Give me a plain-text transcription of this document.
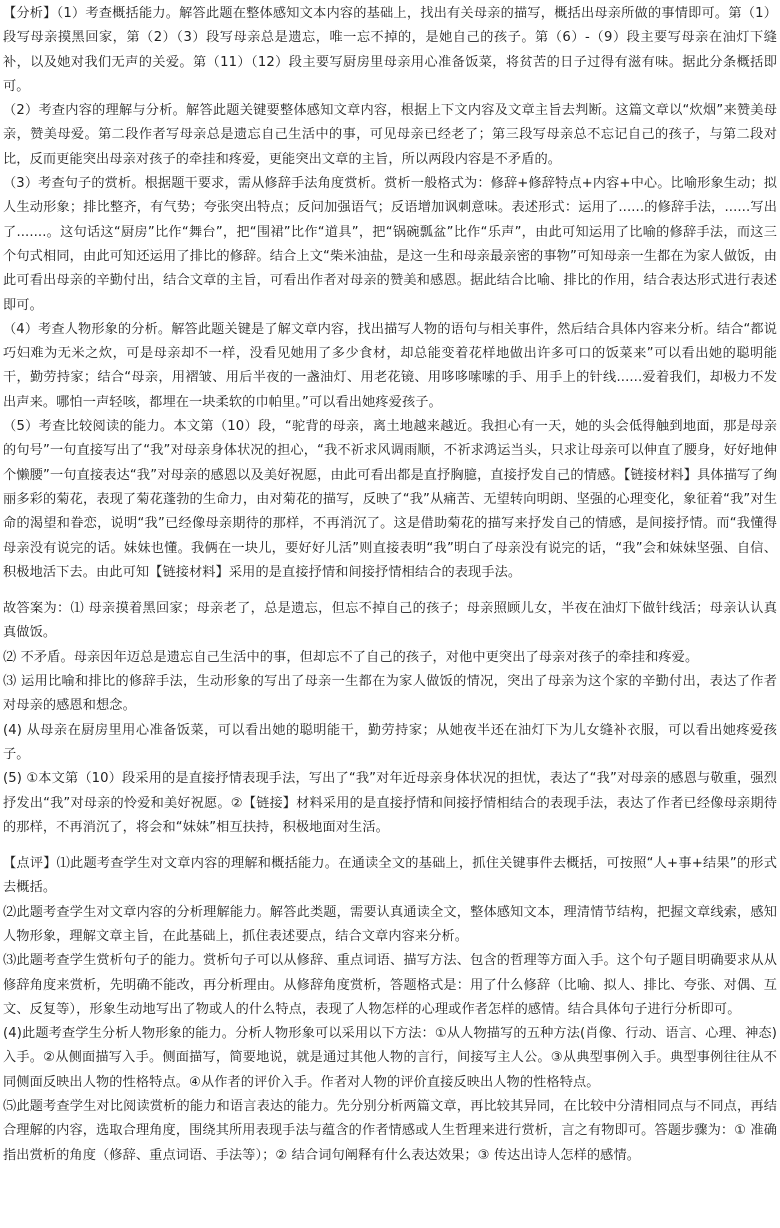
【分析】（1）考查概括能力。解答此题在整体感知文本内容的基础上，找出有关母亲的描写，概括出母亲所做的事情即可。第（1）段写母亲摸黑回家，第（2）（3）段写母亲总是遗忘，唯一忘不掉的，是她自己的孩子。第（6）-（9）段主要写母亲在油灯下缝补，以及她对我们无声的关爱。第（11）（12）段主要写厨房里母亲用心准备饭菜，将贫苦的日子过得有滋有味。据此分条概括即可。

（2）考查内容的理解与分析。解答此题关键要整体感知文章内容，根据上下文内容及文章主旨去判断。这篇文章以“炊烟”来赞美母亲，赞美母爱。第二段作者写母亲总是遗忘自己生活中的事，可见母亲已经老了；第三段写母亲总不忘记自己的孩子，与第二段对比，反而更能突出母亲对孩子的牵挂和疼爱，更能突出文章的主旨，所以两段内容是不矛盾的。

（3）考查句子的赏析。根据题干要求，需从修辞手法角度赏析。赏析一般格式为：修辞+修辞特点+内容+中心。比喻形象生动；拟人生动形象；排比整齐，有气势；夸张突出特点；反问加强语气；反语增加讽刺意味。表述形式：运用了......的修辞手法，......写出了.......。这句话这“厨房”比作“舞台”，把“围裙”比作“道具”，把“锅碗瓢盆”比作“乐声”，由此可知运用了比喻的修辞手法，而这三个句式相同，由此可知还运用了排比的修辞。结合上文“柴米油盐，是这一生和母亲最亲密的事物”可知母亲一生都在为家人做饭，由此可看出母亲的辛勤付出，结合文章的主旨，可看出作者对母亲的赞美和感恩。据此结合比喻、排比的作用，结合表达形式进行表述即可。

（4）考查人物形象的分析。解答此题关键是了解文章内容，找出描写人物的语句与相关事件，然后结合具体内容来分析。结合“都说巧妇难为无米之炊，可是母亲却不一样，没看见她用了多少食材，却总能变着花样地做出许多可口的饭菜来”可以看出她的聪明能干，勤劳持家；结合“母亲，用褶皱、用后半夜的一盏油灯、用老花镜、用哆哆嗦嗦的手、用手上的针线......爱着我们，却极力不发出声来。哪怕一声轻咳，都埋在一块柔软的巾帕里。”可以看出她疼爱孩子。

（5）考查比较阅读的能力。本文第（10）段，“驼背的母亲，离土地越来越近。我担心有一天，她的头会低得触到地面，那是母亲的句号”一句直接写出了“我”对母亲身体状况的担心，“我不祈求风调雨顺，不祈求鸿运当头，只求让母亲可以伸直了腰身，好好地伸个懒腰”一句直接表达“我”对母亲的感恩以及美好祝愿，由此可看出都是直抒胸臆，直接抒发自己的情感。【链接材料】具体描写了绚丽多彩的菊花，表现了菊花蓬勃的生命力，由对菊花的描写，反映了“我”从痛苦、无望转向明朗、坚强的心理变化，象征着“我”对生命的渴望和眷恋，说明“我”已经像母亲期待的那样，不再消沉了。这是借助菊花的描写来抒发自己的情感，是间接抒情。而“我懂得母亲没有说完的话。妹妹也懂。我俩在一块儿，要好好儿活”则直接表明“我”明白了母亲没有说完的话，“我”会和妹妹坚强、自信、积极地活下去。由此可知【链接材料】采用的是直接抒情和间接抒情相结合的表现手法。

故答案为：⑴ 母亲摸着黑回家；母亲老了，总是遗忘，但忘不掉自己的孩子；母亲照顾儿女，半夜在油灯下做针线活；母亲认认真真做饭。

⑵ 不矛盾。母亲因年迈总是遗忘自己生活中的事，但却忘不了自己的孩子，对他中更突出了母亲对孩子的牵挂和疼爱。

⑶ 运用比喻和排比的修辞手法，生动形象的写出了母亲一生都在为家人做饭的情况，突出了母亲为这个家的辛勤付出，表达了作者对母亲的感恩和想念。

(4) 从母亲在厨房里用心准备饭菜，可以看出她的聪明能干，勤劳持家；从她夜半还在油灯下为儿女缝补衣服，可以看出她疼爱孩子。

(5) ①本文第（10）段采用的是直接抒情表现手法，写出了“我”对年近母亲身体状况的担忧，表达了“我”对母亲的感恩与敬重，强烈抒发出“我”对母亲的怜爱和美好祝愿。②【链接】材料采用的是直接抒情和间接抒情相结合的表现手法，表达了作者已经像母亲期待的那样，不再消沉了，将会和“妹妹”相互扶持，积极地面对生活。

【点评】⑴此题考查学生对文章内容的理解和概括能力。在通读全文的基础上，抓住关键事件去概括，可按照“人+事+结果”的形式去概括。

⑵此题考查学生对文章内容的分析理解能力。解答此类题，需要认真通读全文，整体感知文本，理清情节结构，把握文章线索，感知人物形象，理解文章主旨，在此基础上，抓住表述要点，结合文章内容来分析。

⑶此题考查学生赏析句子的能力。赏析句子可以从修辞、重点词语、描写方法、包含的哲理等方面入手。这个句子题目明确要求从从修辞角度来赏析，先明确不能改，再分析理由。从修辞角度赏析，答题格式是：用了什么修辞（比喻、拟人、排比、夸张、对偶、互文、反复等），形象生动地写出了物或人的什么特点，表现了人物怎样的心理或作者怎样的感情。结合具体句子进行分析即可。

(4)此题考查学生分析人物形象的能力。分析人物形象可以采用以下方法：①从人物描写的五种方法(肖像、行动、语言、心理、神态)入手。②从侧面描写入手。侧面描写，简要地说，就是通过其他人物的言行，间接写主人公。③从典型事例入手。典型事例往往从不同侧面反映出人物的性格特点。④从作者的评价入手。作者对人物的评价直接反映出人物的性格特点。

⑸此题考查学生对比阅读赏析的能力和语言表达的能力。先分别分析两篇文章，再比较其异同，在比较中分清相同点与不同点，再结合理解的内容，选取合理角度，围绕其所用表现手法与蕴含的作者情感或人生哲理来进行赏析，言之有物即可。答题步骤为：① 准确指出赏析的角度（修辞、重点词语、手法等）；② 结合词句阐释有什么表达效果；③ 传达出诗人怎样的感情。
